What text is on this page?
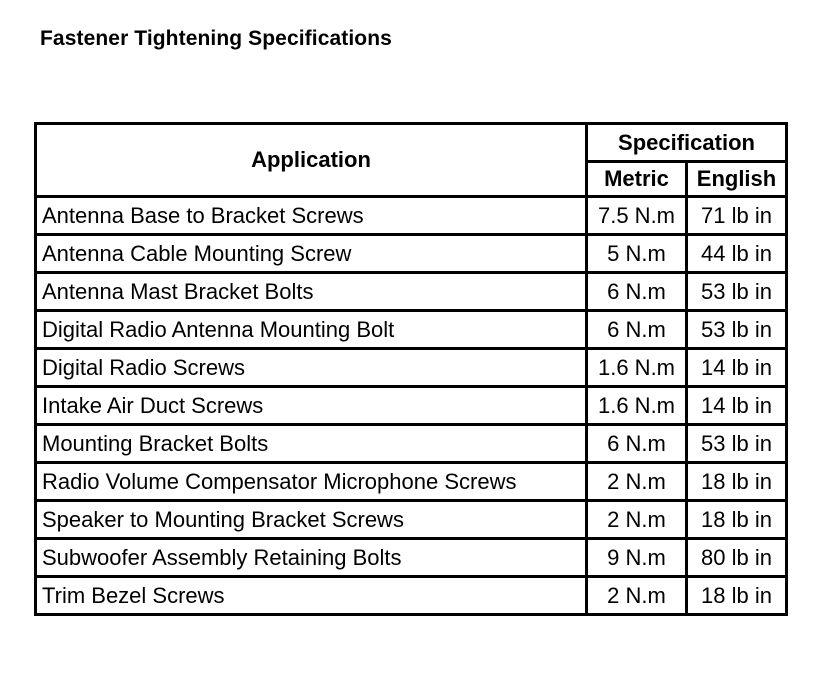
Fastener Tightening Specifications
Application	Specification	
	Metric	English
Antenna Base to Bracket Screws	7.5 N.m	71 lb in
Antenna Cable Mounting Screw	5 N.m	44 lb in
Antenna Mast Bracket Bolts	6 N.m	53 lb in
Digital Radio Antenna Mounting Bolt	6 N.m	53 lb in
Digital Radio Screws	1.6 N.m	14 lb in
Intake Air Duct Screws	1.6 N.m	14 lb in
Mounting Bracket Bolts	6 N.m	53 lb in
Radio Volume Compensator Microphone Screws	2 N.m	18 lb in
Speaker to Mounting Bracket Screws	2 N.m	18 lb in
Subwoofer Assembly Retaining Bolts	9 N.m	80 lb in
Trim Bezel Screws	2 N.m	18 lb in
